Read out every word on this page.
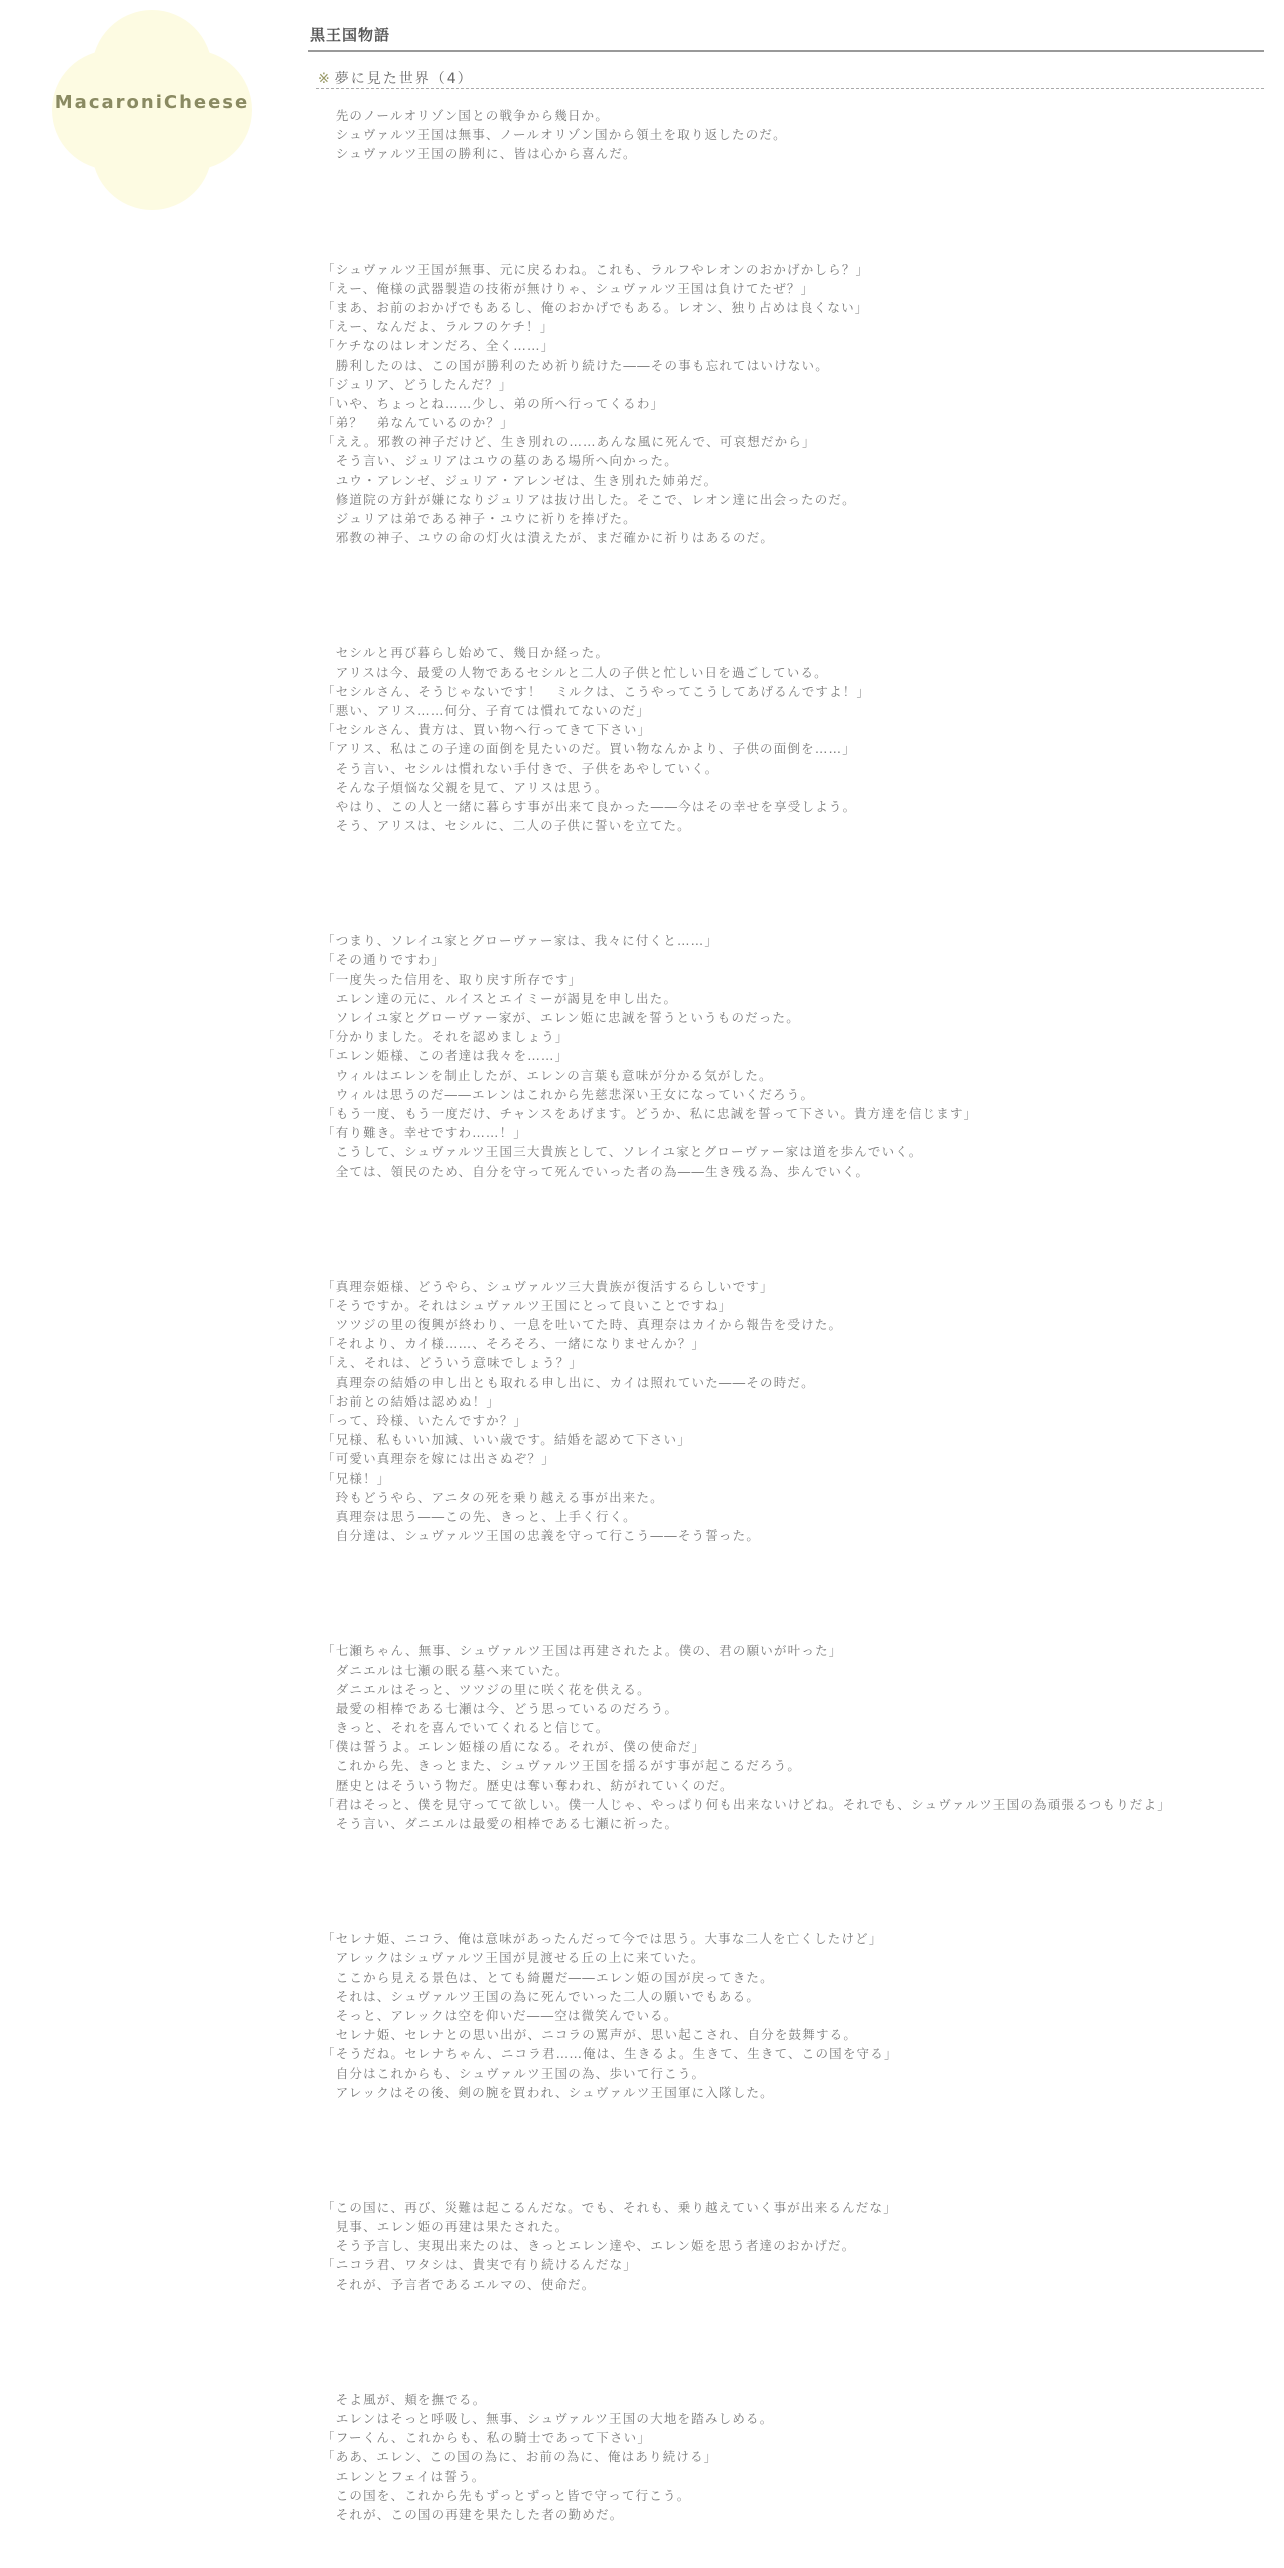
MacaroniCheese
黒王国物語
※ 夢に見た世界（4）
　先のノールオリゾン国との戦争から幾日か。
　シュヴァルツ王国は無事、ノールオリゾン国から領土を取り返したのだ。
　シュヴァルツ王国の勝利に、皆は心から喜んだ。
「シュヴァルツ王国が無事、元に戻るわね。これも、ラルフやレオンのおかげかしら？」
「えー、俺様の武器製造の技術が無けりゃ、シュヴァルツ王国は負けてたぜ？」
「まあ、お前のおかげでもあるし、俺のおかげでもある。レオン、独り占めは良くない」
「えー、なんだよ、ラルフのケチ！」
「ケチなのはレオンだろ、全く……」
　勝利したのは、この国が勝利のため祈り続けた――その事も忘れてはいけない。
「ジュリア、どうしたんだ？」
「いや、ちょっとね……少し、弟の所へ行ってくるわ」
「弟？　弟なんているのか？」
「ええ。邪教の神子だけど、生き別れの……あんな風に死んで、可哀想だから」
　そう言い、ジュリアはユウの墓のある場所へ向かった。
　ユウ・アレンゼ、ジュリア・アレンゼは、生き別れた姉弟だ。
　修道院の方針が嫌になりジュリアは抜け出した。そこで、レオン達に出会ったのだ。
　ジュリアは弟である神子・ユウに祈りを捧げた。
　邪教の神子、ユウの命の灯火は潰えたが、まだ確かに祈りはあるのだ。
　セシルと再び暮らし始めて、幾日か経った。
　アリスは今、最愛の人物であるセシルと二人の子供と忙しい日を過ごしている。
「セシルさん、そうじゃないです！　ミルクは、こうやってこうしてあげるんですよ！」
「悪い、アリス……何分、子育ては慣れてないのだ」
「セシルさん、貴方は、買い物へ行ってきて下さい」
「アリス、私はこの子達の面倒を見たいのだ。買い物なんかより、子供の面倒を……」
　そう言い、セシルは慣れない手付きで、子供をあやしていく。
　そんな子煩悩な父親を見て、アリスは思う。
　やはり、この人と一緒に暮らす事が出来て良かった――今はその幸せを享受しよう。
　そう、アリスは、セシルに、二人の子供に誓いを立てた。
「つまり、ソレイユ家とグローヴァー家は、我々に付くと……」
「その通りですわ」
「一度失った信用を、取り戻す所存です」
　エレン達の元に、ルイスとエイミーが謁見を申し出た。
　ソレイユ家とグローヴァー家が、エレン姫に忠誠を誓うというものだった。
「分かりました。それを認めましょう」
「エレン姫様、この者達は我々を……」
　ウィルはエレンを制止したが、エレンの言葉も意味が分かる気がした。
　ウィルは思うのだ――エレンはこれから先慈悲深い王女になっていくだろう。
「もう一度、もう一度だけ、チャンスをあげます。どうか、私に忠誠を誓って下さい。貴方達を信じます」
「有り難き。幸せですわ……！」
　こうして、シュヴァルツ王国三大貴族として、ソレイユ家とグローヴァー家は道を歩んでいく。
　全ては、領民のため、自分を守って死んでいった者の為――生き残る為、歩んでいく。
「真理奈姫様、どうやら、シュヴァルツ三大貴族が復活するらしいです」
「そうですか。それはシュヴァルツ王国にとって良いことですね」
　ツツジの里の復興が終わり、一息を吐いてた時、真理奈はカイから報告を受けた。
「それより、カイ様……、そろそろ、一緒になりませんか？」
「え、それは、どういう意味でしょう？」
　真理奈の結婚の申し出とも取れる申し出に、カイは照れていた――その時だ。
「お前との結婚は認めぬ！」
「って、玲様、いたんですか？」
「兄様、私もいい加減、いい歳です。結婚を認めて下さい」
「可愛い真理奈を嫁には出さぬぞ？」
「兄様！」
　玲もどうやら、アニタの死を乗り越える事が出来た。
　真理奈は思う――この先、きっと、上手く行く。
　自分達は、シュヴァルツ王国の忠義を守って行こう――そう誓った。
「七瀬ちゃん、無事、シュヴァルツ王国は再建されたよ。僕の、君の願いが叶った」
　ダニエルは七瀬の眠る墓へ来ていた。
　ダニエルはそっと、ツツジの里に咲く花を供える。
　最愛の相棒である七瀬は今、どう思っているのだろう。
　きっと、それを喜んでいてくれると信じて。
「僕は誓うよ。エレン姫様の盾になる。それが、僕の使命だ」
　これから先、きっとまた、シュヴァルツ王国を揺るがす事が起こるだろう。
　歴史とはそういう物だ。歴史は奪い奪われ、紡がれていくのだ。
「君はそっと、僕を見守ってて欲しい。僕一人じゃ、やっぱり何も出来ないけどね。それでも、シュヴァルツ王国の為頑張るつもりだよ」
　そう言い、ダニエルは最愛の相棒である七瀬に祈った。
「セレナ姫、ニコラ、俺は意味があったんだって今では思う。大事な二人を亡くしたけど」
　アレックはシュヴァルツ王国が見渡せる丘の上に来ていた。
　ここから見える景色は、とても綺麗だ――エレン姫の国が戻ってきた。
　それは、シュヴァルツ王国の為に死んでいった二人の願いでもある。
　そっと、アレックは空を仰いだ――空は微笑んでいる。
　セレナ姫、セレナとの思い出が、ニコラの罵声が、思い起こされ、自分を鼓舞する。
「そうだね。セレナちゃん、ニコラ君……俺は、生きるよ。生きて、生きて、この国を守る」
　自分はこれからも、シュヴァルツ王国の為、歩いて行こう。
　アレックはその後、剣の腕を買われ、シュヴァルツ王国軍に入隊した。
「この国に、再び、災難は起こるんだな。でも、それも、乗り越えていく事が出来るんだな」
　見事、エレン姫の再建は果たされた。
　そう予言し、実現出来たのは、きっとエレン達や、エレン姫を思う者達のおかげだ。
「ニコラ君、ワタシは、貴実で有り続けるんだな」
　それが、予言者であるエルマの、使命だ。
　そよ風が、頬を撫でる。
　エレンはそっと呼吸し、無事、シュヴァルツ王国の大地を踏みしめる。
「フーくん、これからも、私の騎士であって下さい」
「ああ、エレン、この国の為に、お前の為に、俺はあり続ける」
　エレンとフェイは誓う。
　この国を、これから先もずっとずっと皆で守って行こう。
　それが、この国の再建を果たした者の勤めだ。
